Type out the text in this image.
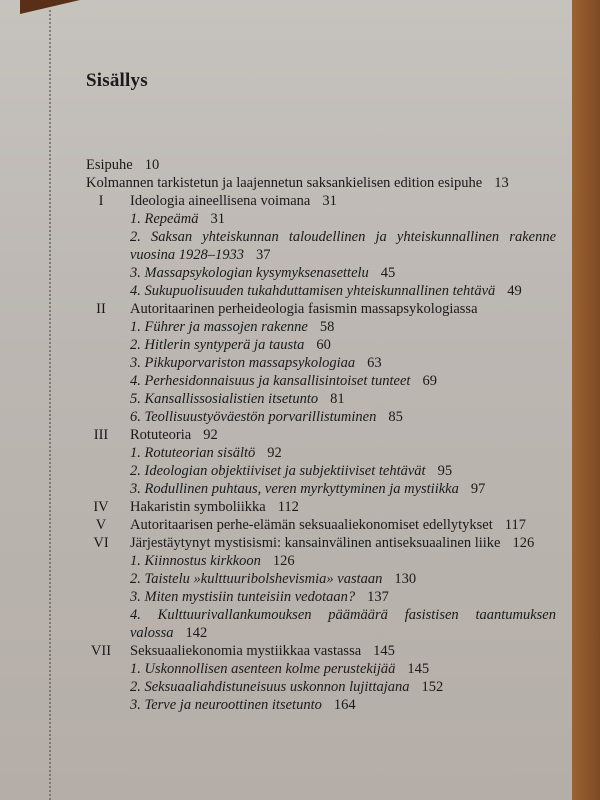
Sisällys
Esipuhe 10
Kolmannen tarkistetun ja laajennetun saksankielisen edition esipuhe 13
I	Ideologia aineellisena voimana 31
1. Repeämä 31
2. Saksan yhteiskunnan taloudellinen ja yhteiskunnallinen rakenne vuosina 1928–1933 37
3. Massapsykologian kysymyksenasettelu 45
4. Sukupuolisuuden tukahduttamisen yhteiskunnallinen tehtävä 49
II	Autoritaarinen perheideologia fasismin massapsykologiassa
1. Führer ja massojen rakenne 58
2. Hitlerin syntyperä ja tausta 60
3. Pikkuporvariston massapsykologiaa 63
4. Perhesidonnaisuus ja kansallisintoiset tunteet 69
5. Kansallissosialistien itsetunto 81
6. Teollisuustyöväestön porvarillistuminen 85
III	Rotuteoria 92
1. Rotuteorian sisältö 92
2. Ideologian objektiiviset ja subjektiiviset tehtävät 95
3. Rodullinen puhtaus, veren myrkyttyminen ja mystiikka 97
IV	Hakaristin symboliikka 112
V	Autoritaarisen perhe-elämän seksuaaliekonomiset edellytykset 117
VI	Järjestäytynyt mystisismi: kansainvälinen antiseksuaalinen liike 126
1. Kiinnostus kirkkoon 126
2. Taistelu »kulttuuribolshevismia» vastaan 130
3. Miten mystisiin tunteisiin vedotaan? 137
4. Kulttuurivallankumouksen päämäärä fasistisen taantumuksen valossa 142
VII	Seksuaaliekonomia mystiikkaa vastassa 145
1. Uskonnollisen asenteen kolme perustekijää 145
2. Seksuaaliahdistuneisuus uskonnon lujittajana 152
3. Terve ja neuroottinen itsetunto 164
